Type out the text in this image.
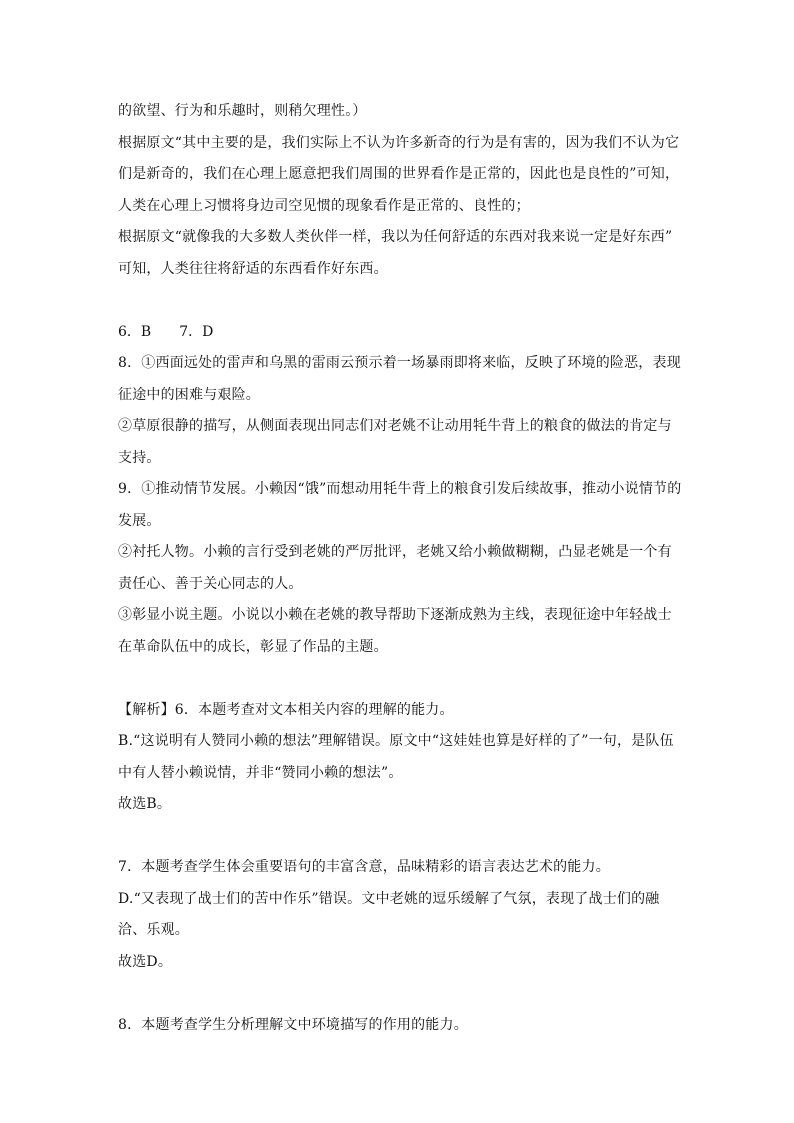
的欲望、行为和乐趣时，则稍欠理性。）
根据原文“其中主要的是，我们实际上不认为许多新奇的行为是有害的，因为我们不认为它
们是新奇的，我们在心理上愿意把我们周围的世界看作是正常的，因此也是良性的”可知，
人类在心理上习惯将身边司空见惯的现象看作是正常的、良性的；
根据原文“就像我的大多数人类伙伴一样，我以为任何舒适的东西对我来说一定是好东西”
可知，人类往往将舒适的东西看作好东西。
6．B 7．D
8．①西面远处的雷声和乌黑的雷雨云预示着一场暴雨即将来临，反映了环境的险恶，表现
征途中的困难与艰险。
②草原很静的描写，从侧面表现出同志们对老姚不让动用牦牛背上的粮食的做法的肯定与
支持。
9．①推动情节发展。小赖因“饿”而想动用牦牛背上的粮食引发后续故事，推动小说情节的
发展。
②衬托人物。小赖的言行受到老姚的严厉批评，老姚又给小赖做糊糊，凸显老姚是一个有
责任心、善于关心同志的人。
③彰显小说主题。小说以小赖在老姚的教导帮助下逐渐成熟为主线，表现征途中年轻战士
在革命队伍中的成长，彰显了作品的主题。
【解析】6．本题考查对文本相关内容的理解的能力。
B.“这说明有人赞同小赖的想法”理解错误。原文中“这娃娃也算是好样的了”一句，是队伍
中有人替小赖说情，并非“赞同小赖的想法”。
故选B。
7．本题考查学生体会重要语句的丰富含意，品味精彩的语言表达艺术的能力。
D.“又表现了战士们的苦中作乐”错误。文中老姚的逗乐缓解了气氛，表现了战士们的融
洽、乐观。
故选D。
8．本题考查学生分析理解文中环境描写的作用的能力。
